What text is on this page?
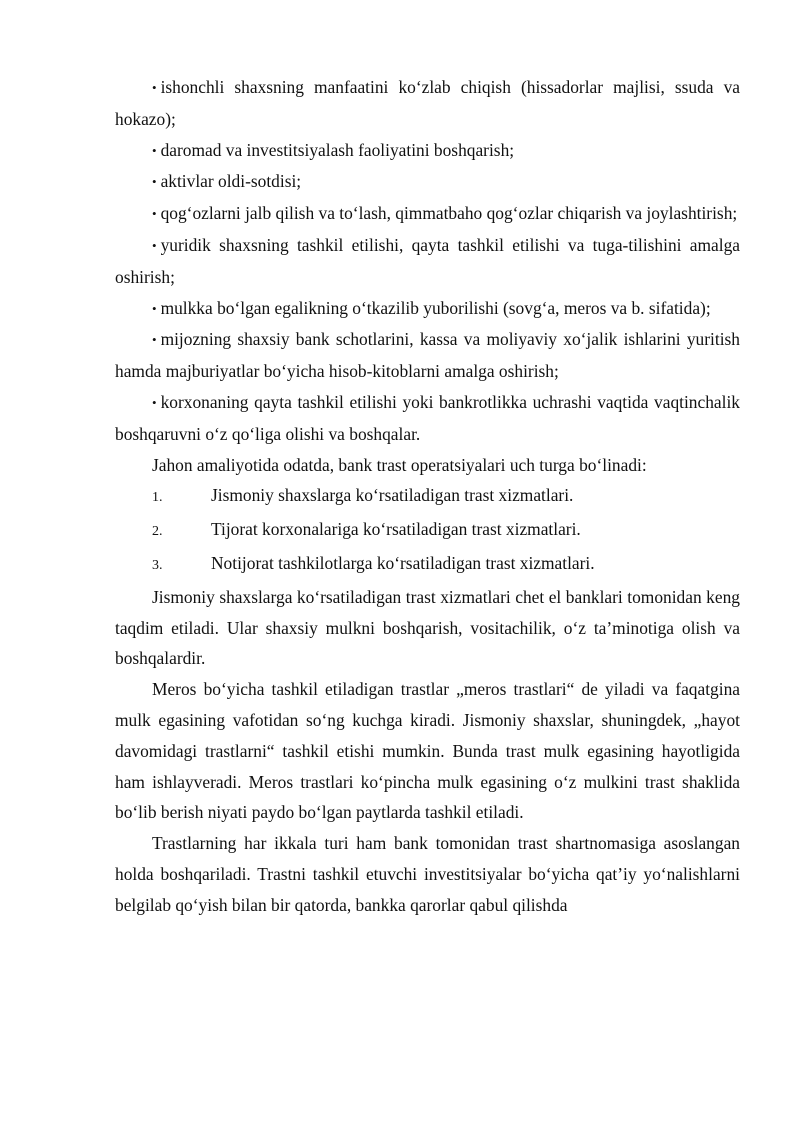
• ishonchli shaxsning manfaatini ko‘zlab chiqish (hissadorlar majlisi, ssuda va hokazo);

• daromad va investitsiyalash faoliyatini boshqarish;

• aktivlar oldi-sotdisi;

• qog‘ozlarni jalb qilish va to‘lash, qimmatbaho qog‘ozlar chiqarish va joylashtirish;

• yuridik shaxsning tashkil etilishi, qayta tashkil etilishi va tuga-tilishini amalga oshirish;

• mulkka bo‘lgan egalikning o‘tkazilib yuborilishi (sovg‘a, meros va b. sifatida);

• mijozning shaxsiy bank schotlarini, kassa va moliyaviy xo‘jalik ishlarini yuritish hamda majburiyatlar bo‘yicha hisob-kitoblarni amalga oshirish;

• korxonaning qayta tashkil etilishi yoki bankrotlikka uchrashi vaqtida vaqtinchalik boshqaruvni o‘z qo‘liga olishi va boshqalar.

Jahon amaliyotida odatda, bank trast operatsiyalari uch turga bo‘linadi:

1.	Jismoniy shaxslarga ko‘rsatiladigan trast xizmatlari.

2.	Tijorat korxonalariga ko‘rsatiladigan trast xizmatlari.

3.	Notijorat tashkilotlarga ko‘rsatiladigan trast xizmatlari.

Jismoniy shaxslarga ko‘rsatiladigan trast xizmatlari chet el banklari tomonidan keng taqdim etiladi. Ular shaxsiy mulkni boshqarish, vositachilik, o‘z ta’minotiga olish va boshqalardir.

Meros bo‘yicha tashkil etiladigan trastlar „meros trastlari“ de yiladi va faqatgina mulk egasining vafotidan so‘ng kuchga kiradi. Jismoniy shaxslar, shuningdek, „hayot davomidagi trastlarni“ tashkil etishi mumkin. Bunda trast mulk egasining hayotligida ham ishlayveradi. Meros trastlari ko‘pincha mulk egasining o‘z mulkini trast shaklida bo‘lib berish niyati paydo bo‘lgan paytlarda tashkil etiladi.

Trastlarning har ikkala turi ham bank tomonidan trast shartnomasiga asoslangan holda boshqariladi. Trastni tashkil etuvchi investitsiyalar bo‘yicha qat’iy yo‘nalishlarni belgilab qo‘yish bilan bir qatorda, bankka qarorlar qabul qilishda
